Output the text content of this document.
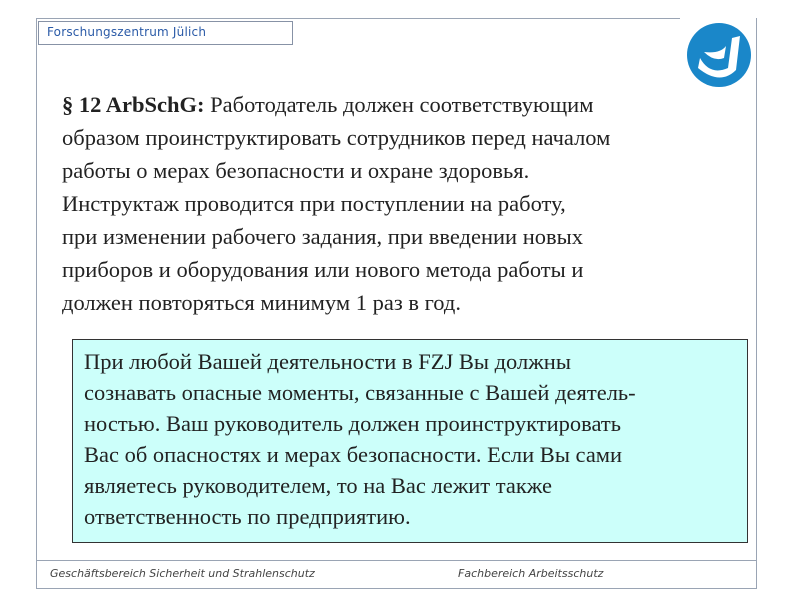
Forschungszentrum Jülich
§ 12 ArbSchG: Работодатель должен соответствующим
образом проинструктировать сотрудников перед началом
работы о мерах безопасности и охране здоровья.
Инструктаж проводится при поступлении на работу,
при изменении рабочего задания, при введении новых
приборов и оборудования или нового метода работы и
должен повторяться минимум 1 раз в год.
При любой Вашей деятельности в FZJ Вы должны
сознавать опасные моменты, связанные с Вашей деятель-
ностью. Ваш руководитель должен проинструктировать
Вас об опасностях и мерах безопасности. Если Вы сами
являетесь руководителем, то на Вас лежит также
ответственность по предприятию.
Geschäftsbereich Sicherheit und Strahlenschutz	Fachbereich Arbeitsschutz
